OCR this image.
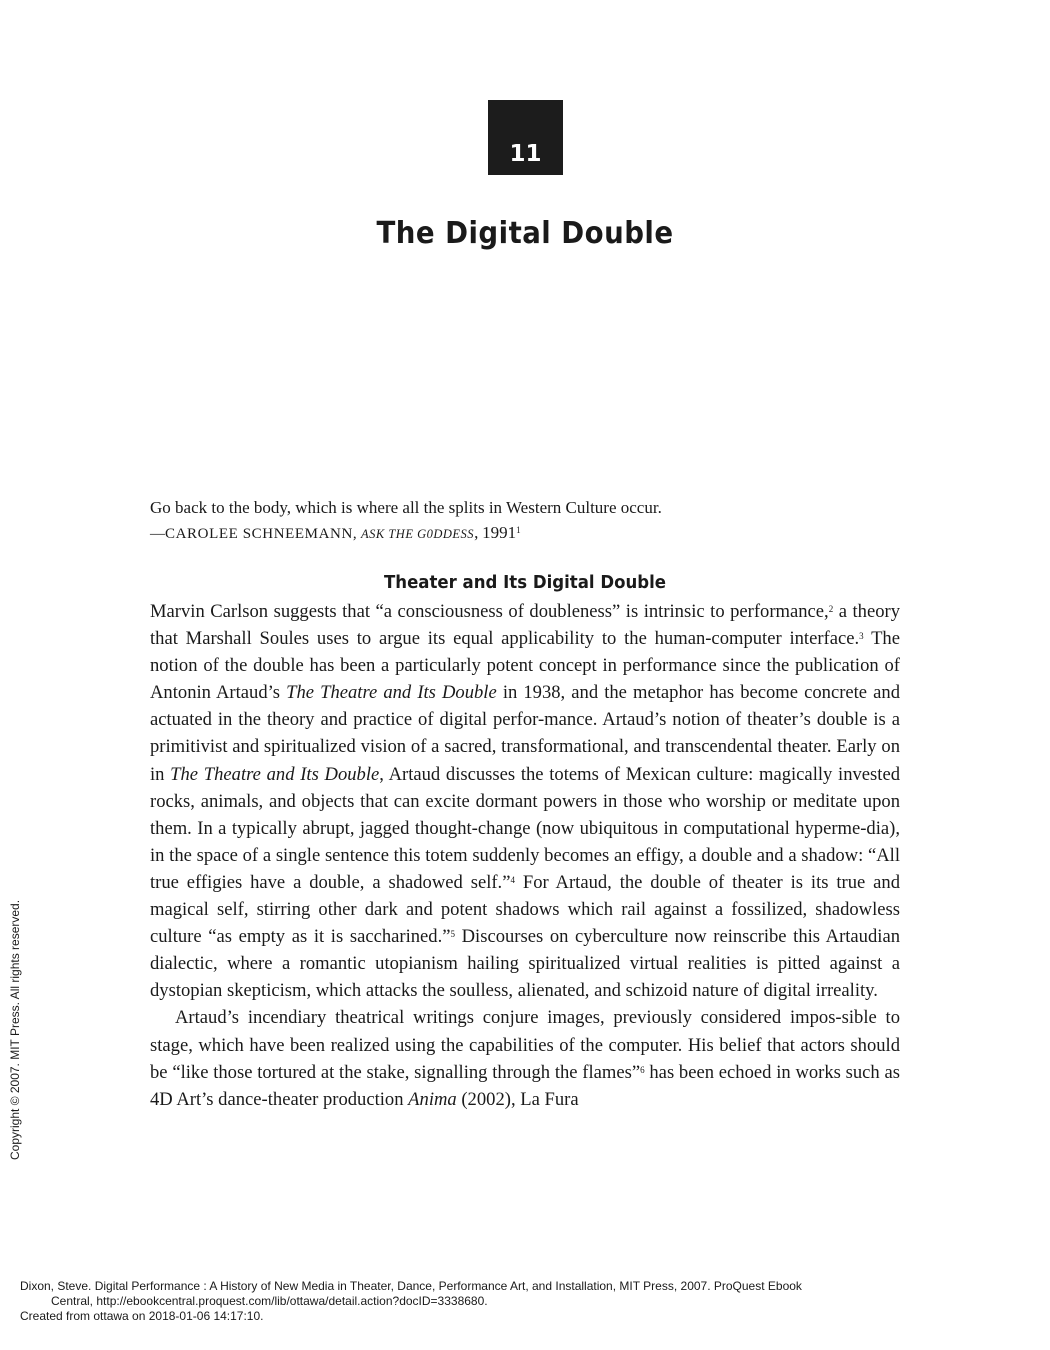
11
The Digital Double
Go back to the body, which is where all the splits in Western Culture occur.
—CAROLEE SCHNEEMANN, ASK THE G0DDESS, 1991$^1$
Theater and Its Digital Double

Marvin Carlson suggests that “a consciousness of doubleness” is intrinsic to performance,$^2$ a theory that Marshall Soules uses to argue its equal applicability to the human-computer interface.$^3$ The notion of the double has been a particularly potent concept in performance since the publication of Antonin Artaud’s The Theatre and Its Double in 1938, and the metaphor has become concrete and actuated in the theory and practice of digital perfor-mance. Artaud’s notion of theater’s double is a primitivist and spiritualized vision of a sacred, transformational, and transcendental theater. Early on in The Theatre and Its Double, Artaud discusses the totems of Mexican culture: magically invested rocks, animals, and objects that can excite dormant powers in those who worship or meditate upon them. In a typically abrupt, jagged thought-change (now ubiquitous in computational hyperme-dia), in the space of a single sentence this totem suddenly becomes an effigy, a double and a shadow: “All true effigies have a double, a shadowed self.”$^4$ For Artaud, the double of theater is its true and magical self, stirring other dark and potent shadows which rail against a fossilized, shadowless culture “as empty as it is saccharined.”$^5$ Discourses on cyberculture now reinscribe this Artaudian dialectic, where a romantic utopianism hailing spiritualized virtual realities is pitted against a dystopian skepticism, which attacks the soulless, alienated, and schizoid nature of digital irreality.

Artaud’s incendiary theatrical writings conjure images, previously considered impos-sible to stage, which have been realized using the capabilities of the computer. His belief that actors should be “like those tortured at the stake, signalling through the flames”$^6$ has been echoed in works such as 4D Art’s dance-theater production Anima (2002), La Fura

Copyright © 2007. MIT Press. All rights reserved.
Dixon, Steve. Digital Performance : A History of New Media in Theater, Dance, Performance Art, and Installation, MIT Press, 2007. ProQuest Ebook
Central, http://ebookcentral.proquest.com/lib/ottawa/detail.action?docID=3338680.
Created from ottawa on 2018-01-06 14:17:10.
